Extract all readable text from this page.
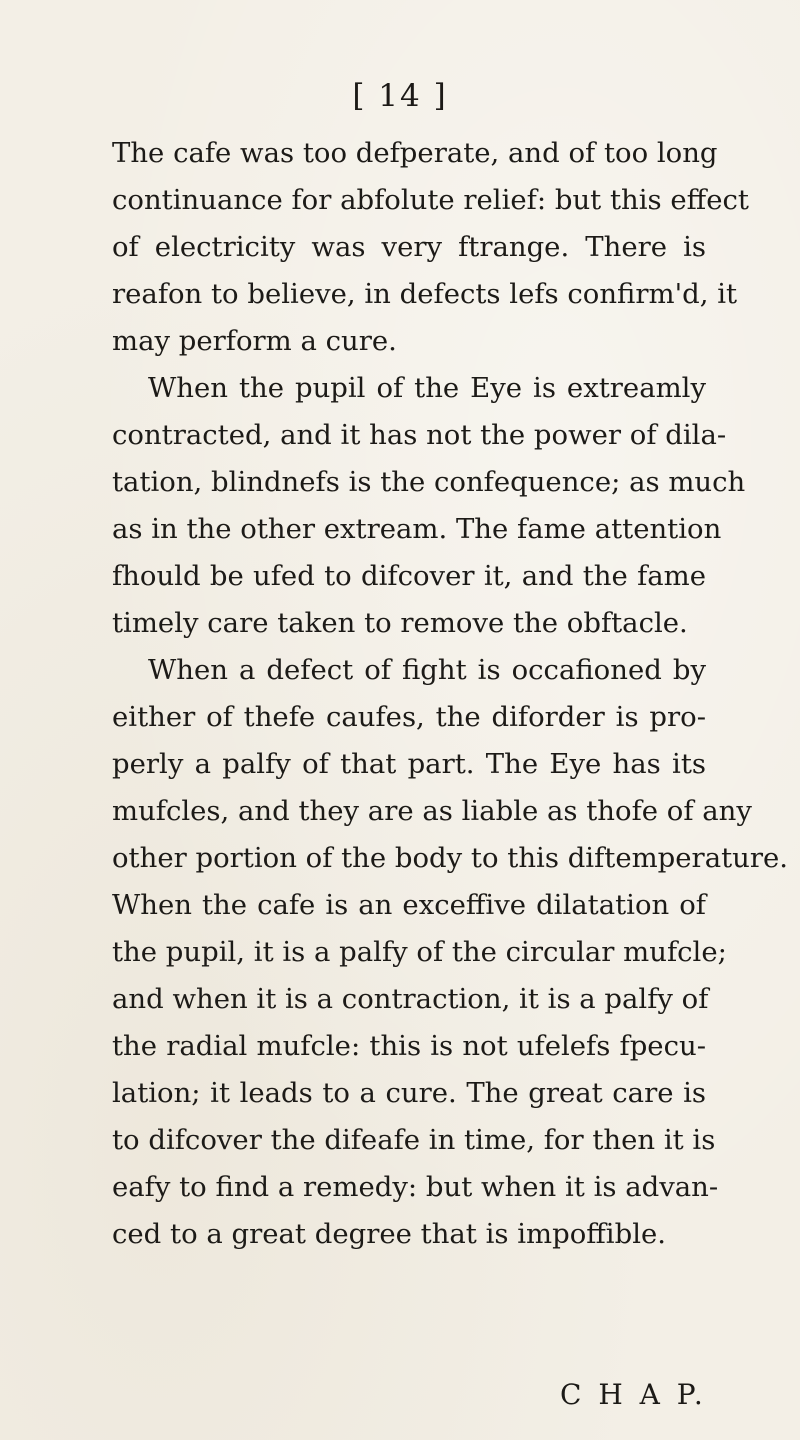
[ 14 ]
The cafe was too defperate, and of too long
continuance for abfolute relief: but this effect
of electricity was very ftrange. There is
reafon to believe, in defects lefs confirm'd, it
may perform a cure.
When the pupil of the Eye is extreamly
contracted, and it has not the power of dila-
tation, blindnefs is the confequence; as much
as in the other extream. The fame attention
fhould be ufed to difcover it, and the fame
timely care taken to remove the obftacle.
When a defect of fight is occafioned by
either of thefe caufes, the diforder is pro-
perly a palfy of that part. The Eye has its
mufcles, and they are as liable as thofe of any
other portion of the body to this diftemperature.
When the cafe is an exceffive dilatation of
the pupil, it is a palfy of the circular mufcle;
and when it is a contraction, it is a palfy of
the radial mufcle: this is not ufelefs fpecu-
lation; it leads to a cure. The great care is
to difcover the difeafe in time, for then it is
eafy to find a remedy: but when it is advan-
ced to a great degree that is impoffible.
C H A P.
